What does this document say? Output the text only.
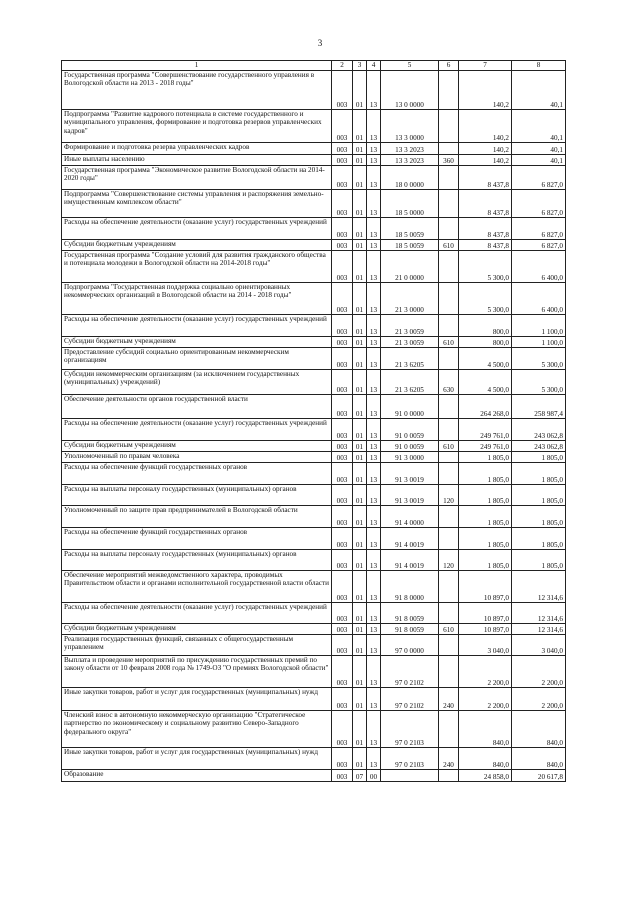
3
1	2	3	4	5	6	7	8
Государственная программа "Совершенствование государственного управления в Вологодской области на 2013 - 2018 годы"	003	01	13	13 0 0000		140,2	40,1
Подпрограмма "Развитие кадрового потенциала в системе государственного и муниципального управления, формирование и подготовка резервов управленческих кадров"	003	01	13	13 3 0000		140,2	40,1
Формирование и подготовка резерва управленческих кадров	003	01	13	13 3 2023		140,2	40,1
Иные выплаты населению	003	01	13	13 3 2023	360	140,2	40,1
Государственная программа "Экономическое развитие Вологодской области на 2014-2020 годы"	003	01	13	18 0 0000		8 437,8	6 827,0
Подпрограмма "Совершенствование системы управления и распоряжения земельно-имущественным комплексом области"	003	01	13	18 5 0000		8 437,8	6 827,0
Расходы на обеспечение деятельности (оказание услуг) государственных учреждений	003	01	13	18 5 0059		8 437,8	6 827,0
Субсидии бюджетным учреждениям	003	01	13	18 5 0059	610	8 437,8	6 827,0
Государственная программа "Создание условий для развития гражданского общества и потенциала молодежи в Вологодской области на 2014-2018 годы"	003	01	13	21 0 0000		5 300,0	6 400,0
Подпрограмма "Государственная поддержка социально ориентированных некоммерческих организаций в Вологодской области на 2014 - 2018 годы"	003	01	13	21 3 0000		5 300,0	6 400,0
Расходы на обеспечение деятельности (оказание услуг) государственных учреждений	003	01	13	21 3 0059		800,0	1 100,0
Субсидии бюджетным учреждениям	003	01	13	21 3 0059	610	800,0	1 100,0
Предоставление субсидий социально ориентированным некоммерческим организациям	003	01	13	21 3 6205		4 500,0	5 300,0
Субсидии некоммерческим организациям (за исключением государственных (муниципальных) учреждений)	003	01	13	21 3 6205	630	4 500,0	5 300,0
Обеспечение деятельности органов государственной власти	003	01	13	91 0 0000		264 268,0	258 987,4
Расходы на обеспечение деятельности (оказание услуг) государственных учреждений	003	01	13	91 0 0059		249 761,0	243 062,8
Субсидии бюджетным учреждениям	003	01	13	91 0 0059	610	249 761,0	243 062,8
Уполномоченный по правам человека	003	01	13	91 3 0000		1 805,0	1 805,0
Расходы на обеспечение функций государственных органов	003	01	13	91 3 0019		1 805,0	1 805,0
Расходы на выплаты персоналу государственных (муниципальных) органов	003	01	13	91 3 0019	120	1 805,0	1 805,0
Уполномоченный по защите прав предпринимателей в Вологодской области	003	01	13	91 4 0000		1 805,0	1 805,0
Расходы на обеспечение функций государственных органов	003	01	13	91 4 0019		1 805,0	1 805,0
Расходы на выплаты персоналу государственных (муниципальных) органов	003	01	13	91 4 0019	120	1 805,0	1 805,0
Обеспечение мероприятий межведомственного характера, проводимых Правительством области и органами исполнительной государственной власти области	003	01	13	91 8 0000		10 897,0	12 314,6
Расходы на обеспечение деятельности (оказание услуг) государственных учреждений	003	01	13	91 8 0059		10 897,0	12 314,6
Субсидии бюджетным учреждениям	003	01	13	91 8 0059	610	10 897,0	12 314,6
Реализация государственных функций, связанных с общегосударственным управлением	003	01	13	97 0 0000		3 040,0	3 040,0
Выплата и проведение мероприятий по присуждению государственных премий по закону области от 10 февраля 2008 года № 1749-ОЗ "О премиях Вологодской области"	003	01	13	97 0 2102		2 200,0	2 200,0
Иные закупки товаров, работ и услуг для государственных (муниципальных) нужд	003	01	13	97 0 2102	240	2 200,0	2 200,0
Членский взнос в автономную некоммерческую организацию "Стратегическое партнерство по экономическому и социальному развитию Северо-Западного федерального округа"	003	01	13	97 0 2103		840,0	840,0
Иные закупки товаров, работ и услуг для государственных (муниципальных) нужд	003	01	13	97 0 2103	240	840,0	840,0
Образование	003	07	00			24 858,0	20 617,8
